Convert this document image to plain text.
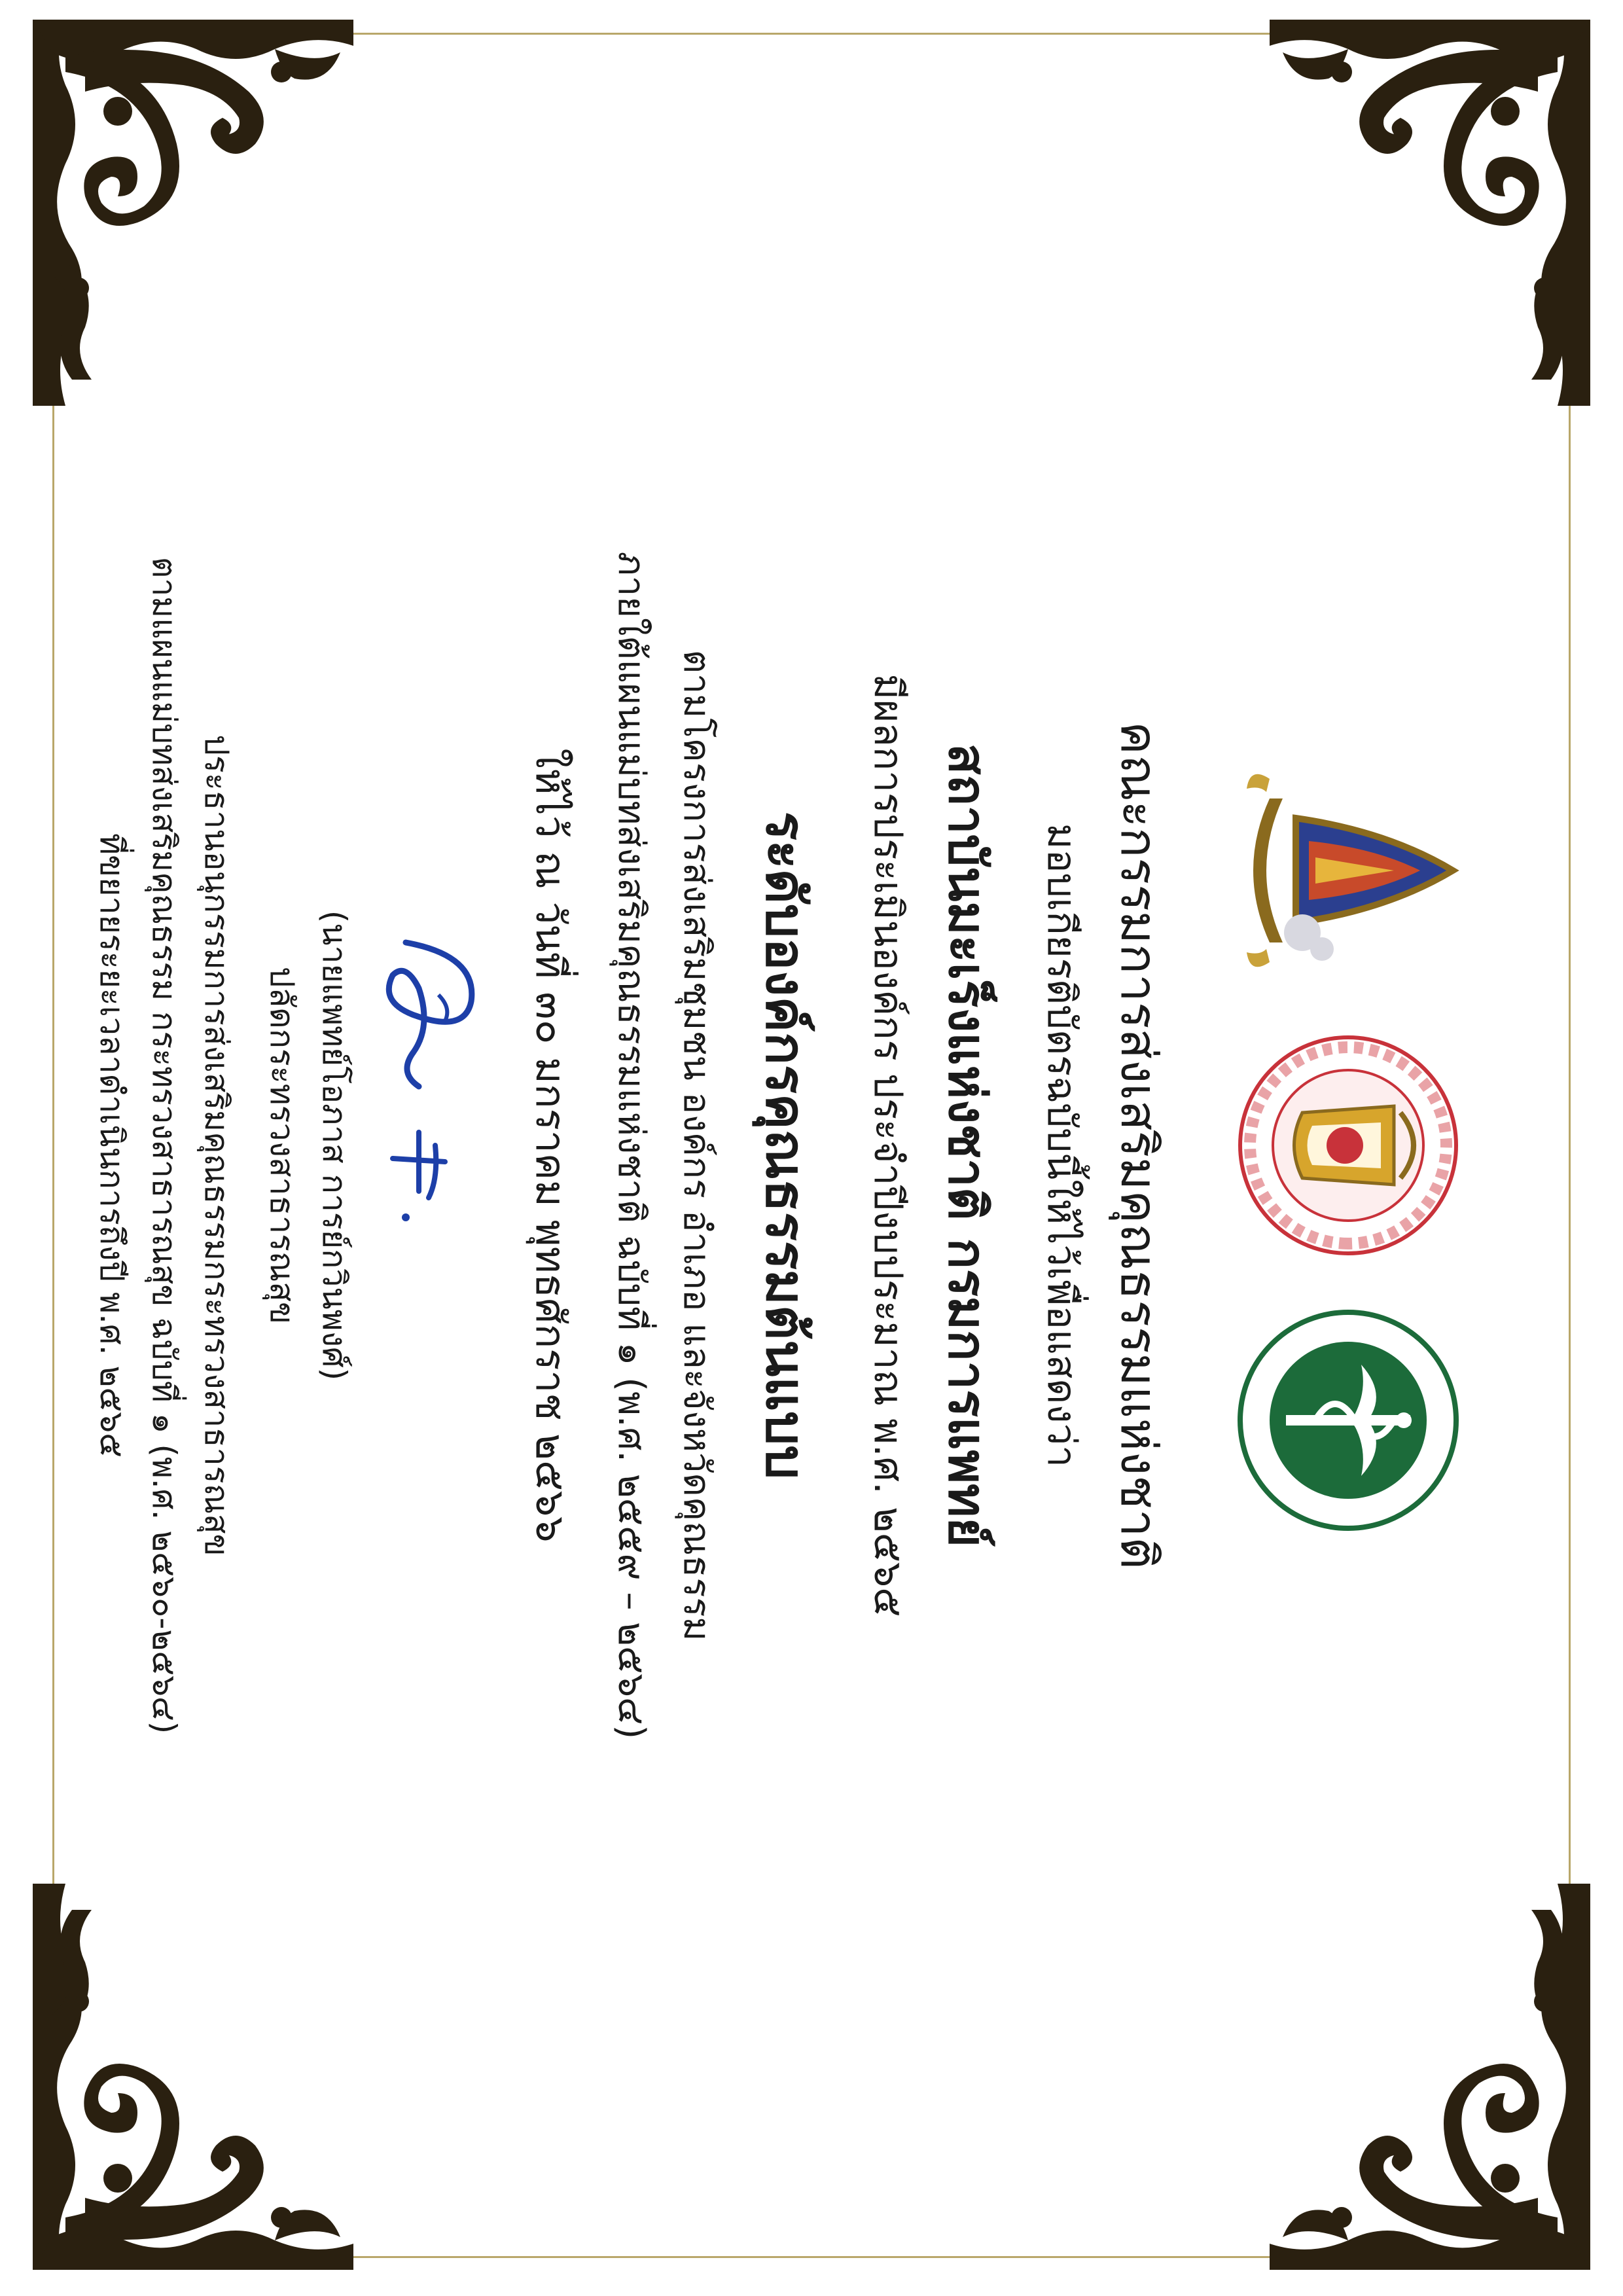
คณะกรรมการส่งเสริมคุณธรรมแห่งชาติ
มอบเกียรติบัตรฉบับนี้ให้ไว้เพื่อแสดงว่า
สถาบันมะเร็งแห่งชาติ กรมการแพทย์
มีผลการประเมินองค์กร ประจำปีงบประมาณ พ.ศ. ๒๕๖๕
ระดับองค์กรคุณธรรมต้นแบบ
ตามโครงการส่งเสริมชุมชน องค์กร อำเภอ และจังหวัดคุณธรรม
ภายใต้แผนแม่บทส่งเสริมคุณธรรมแห่งชาติ ฉบับที่ ๑ (พ.ศ. ๒๕๕๙ – ๒๕๖๔)
ให้ไว้ ณ วันที่ ๓๐ มกราคม พุทธศักราช ๒๕๖๖
(นายแพทย์โอภาส การย์กวินพงศ์)
ปลัดกระทรวงสาธารณสุข
ประธานอนุกรรมการส่งเสริมคุณธรรมกระทรวงสาธารณสุข
ตามแผนแม่บทส่งเสริมคุณธรรม กระทรวงสาธารณสุข ฉบับที่ ๑ (พ.ศ. ๒๕๖๐-๒๕๖๔)
ที่ขยายระยะเวลาดำเนินการถึงปี พ.ศ. ๒๕๖๕
